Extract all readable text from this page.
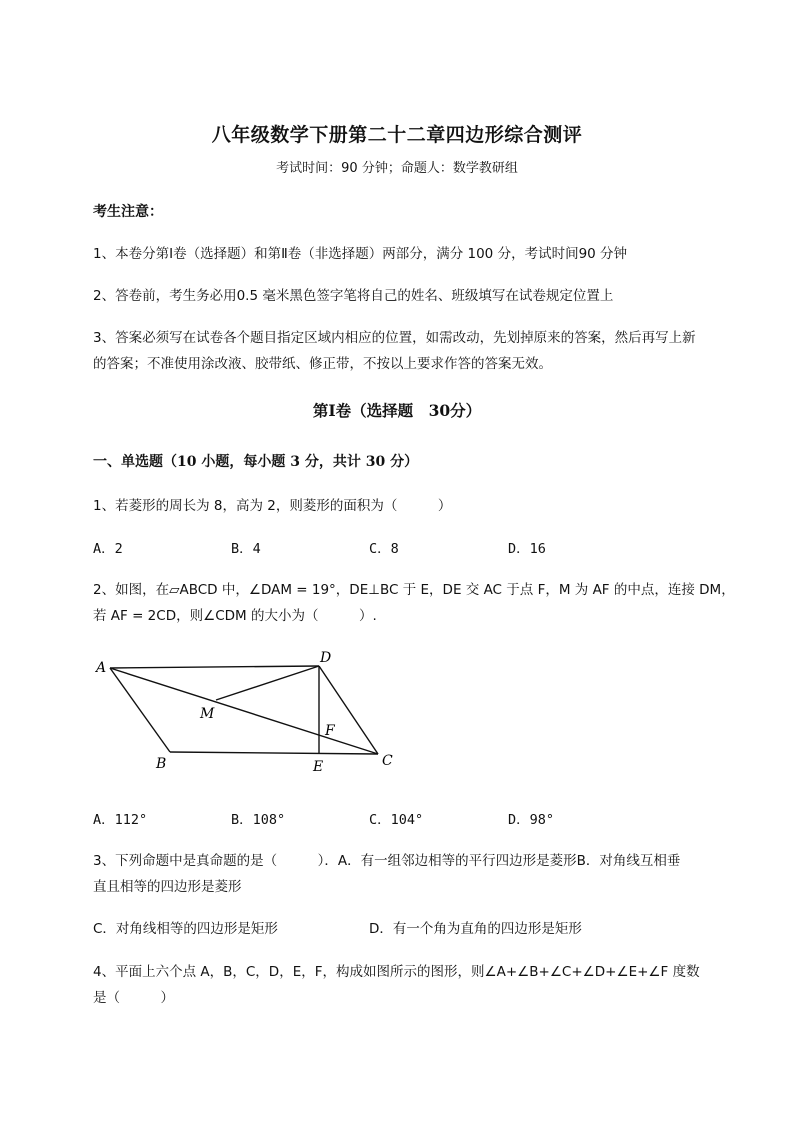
八年级数学下册第二十二章四边形综合测评
考试时间：90 分钟；命题人：数学教研组
考生注意：
1、本卷分第Ⅰ卷（选择题）和第Ⅱ卷（非选择题）两部分，满分 100 分，考试时间90 分钟
2、答卷前，考生务必用0.5 毫米黑色签字笔将自己的姓名、班级填写在试卷规定位置上
3、答案必须写在试卷各个题目指定区域内相应的位置，如需改动，先划掉原来的答案，然后再写上新
的答案；不准使用涂改液、胶带纸、修正带，不按以上要求作答的答案无效。
第Ⅰ卷（选择题　30分）
一、单选题（10 小题，每小题 3 分，共计 30 分）
1、若菱形的周长为 8，高为 2，则菱形的面积为（　　　）
A．2	B．4	C．8	D．16
2、如图，在▱ABCD 中，∠DAM = 19°，DE⊥BC 于 E，DE 交 AC 于点 F，M 为 AF 的中点，连接 DM，
若 AF = 2CD，则∠CDM 的大小为（　　　）.
A
D
M
F
B	E	C
A．112°	B．108°	C．104°	D．98°
3、下列命题中是真命题的是（　　　）．A．有一组邻边相等的平行四边形是菱形B．对角线互相垂
直且相等的四边形是菱形
C．对角线相等的四边形是矩形	D．有一个角为直角的四边形是矩形
4、平面上六个点 A，B，C，D，E，F，构成如图所示的图形，则∠A+∠B+∠C+∠D+∠E+∠F 度数
是（　　　）
